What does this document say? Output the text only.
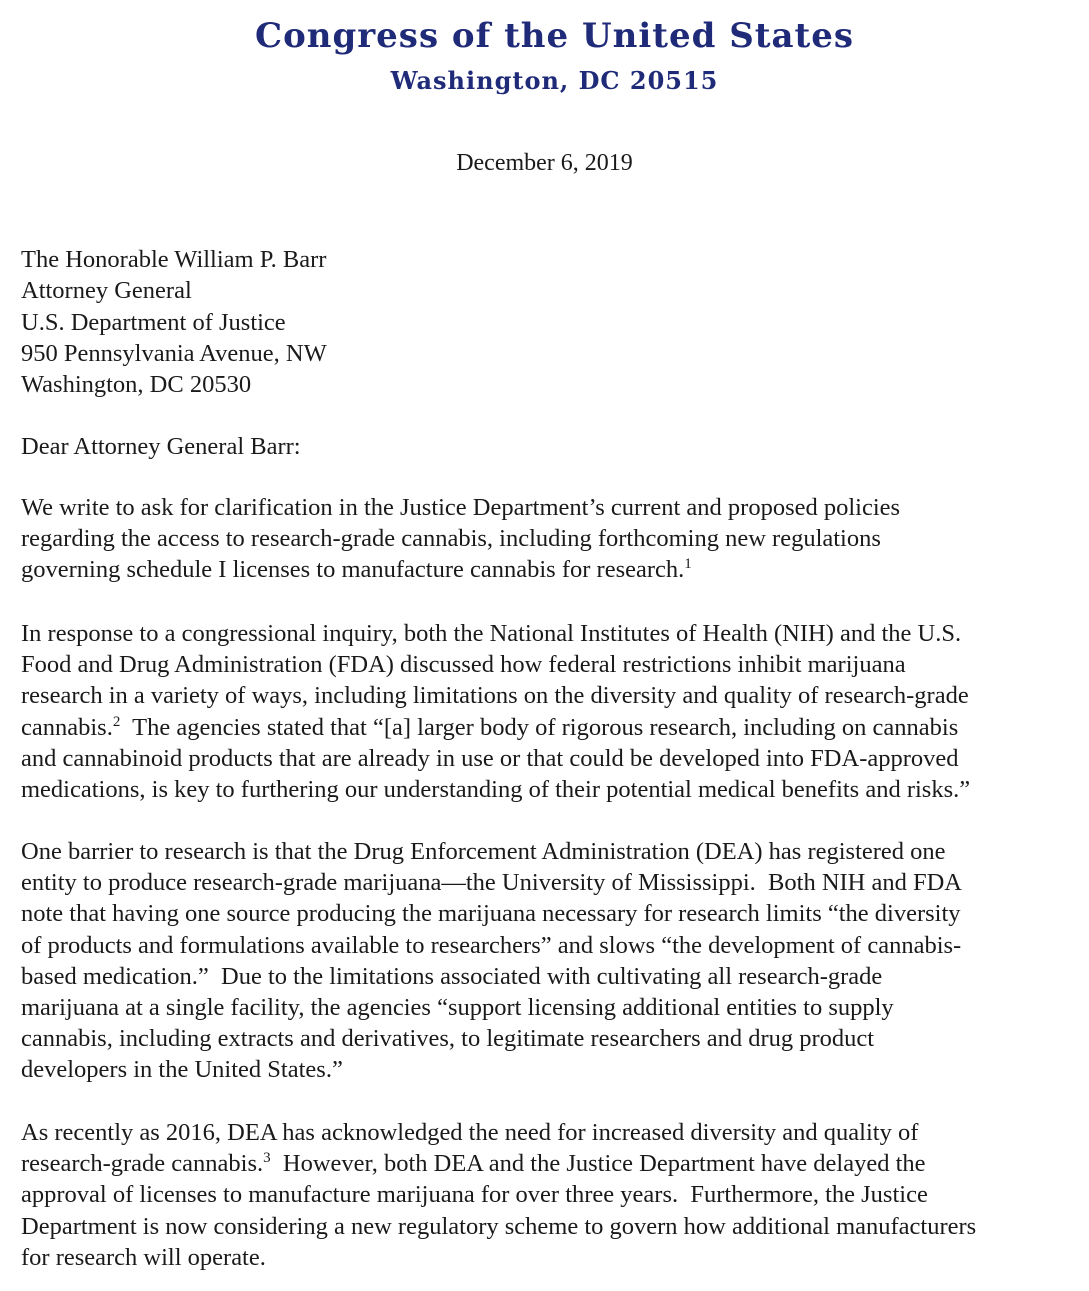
Congress of the United States
Washington, DC 20515
December 6, 2019
The Honorable William P. Barr
Attorney General
U.S. Department of Justice
950 Pennsylvania Avenue, NW
Washington, DC 20530
Dear Attorney General Barr:
We write to ask for clarification in the Justice Department’s current and proposed policies
regarding the access to research-grade cannabis, including forthcoming new regulations
governing schedule I licenses to manufacture cannabis for research.$^1$
In response to a congressional inquiry, both the National Institutes of Health (NIH) and the U.S.
Food and Drug Administration (FDA) discussed how federal restrictions inhibit marijuana
research in a variety of ways, including limitations on the diversity and quality of research-grade
cannabis.$^2$  The agencies stated that “[a] larger body of rigorous research, including on cannabis
and cannabinoid products that are already in use or that could be developed into FDA-approved
medications, is key to furthering our understanding of their potential medical benefits and risks.”
One barrier to research is that the Drug Enforcement Administration (DEA) has registered one
entity to produce research-grade marijuana—the University of Mississippi.  Both NIH and FDA
note that having one source producing the marijuana necessary for research limits “the diversity
of products and formulations available to researchers” and slows “the development of cannabis-
based medication.”  Due to the limitations associated with cultivating all research-grade
marijuana at a single facility, the agencies “support licensing additional entities to supply
cannabis, including extracts and derivatives, to legitimate researchers and drug product
developers in the United States.”
As recently as 2016, DEA has acknowledged the need for increased diversity and quality of
research-grade cannabis.$^3$  However, both DEA and the Justice Department have delayed the
approval of licenses to manufacture marijuana for over three years.  Furthermore, the Justice
Department is now considering a new regulatory scheme to govern how additional manufacturers
for research will operate.
